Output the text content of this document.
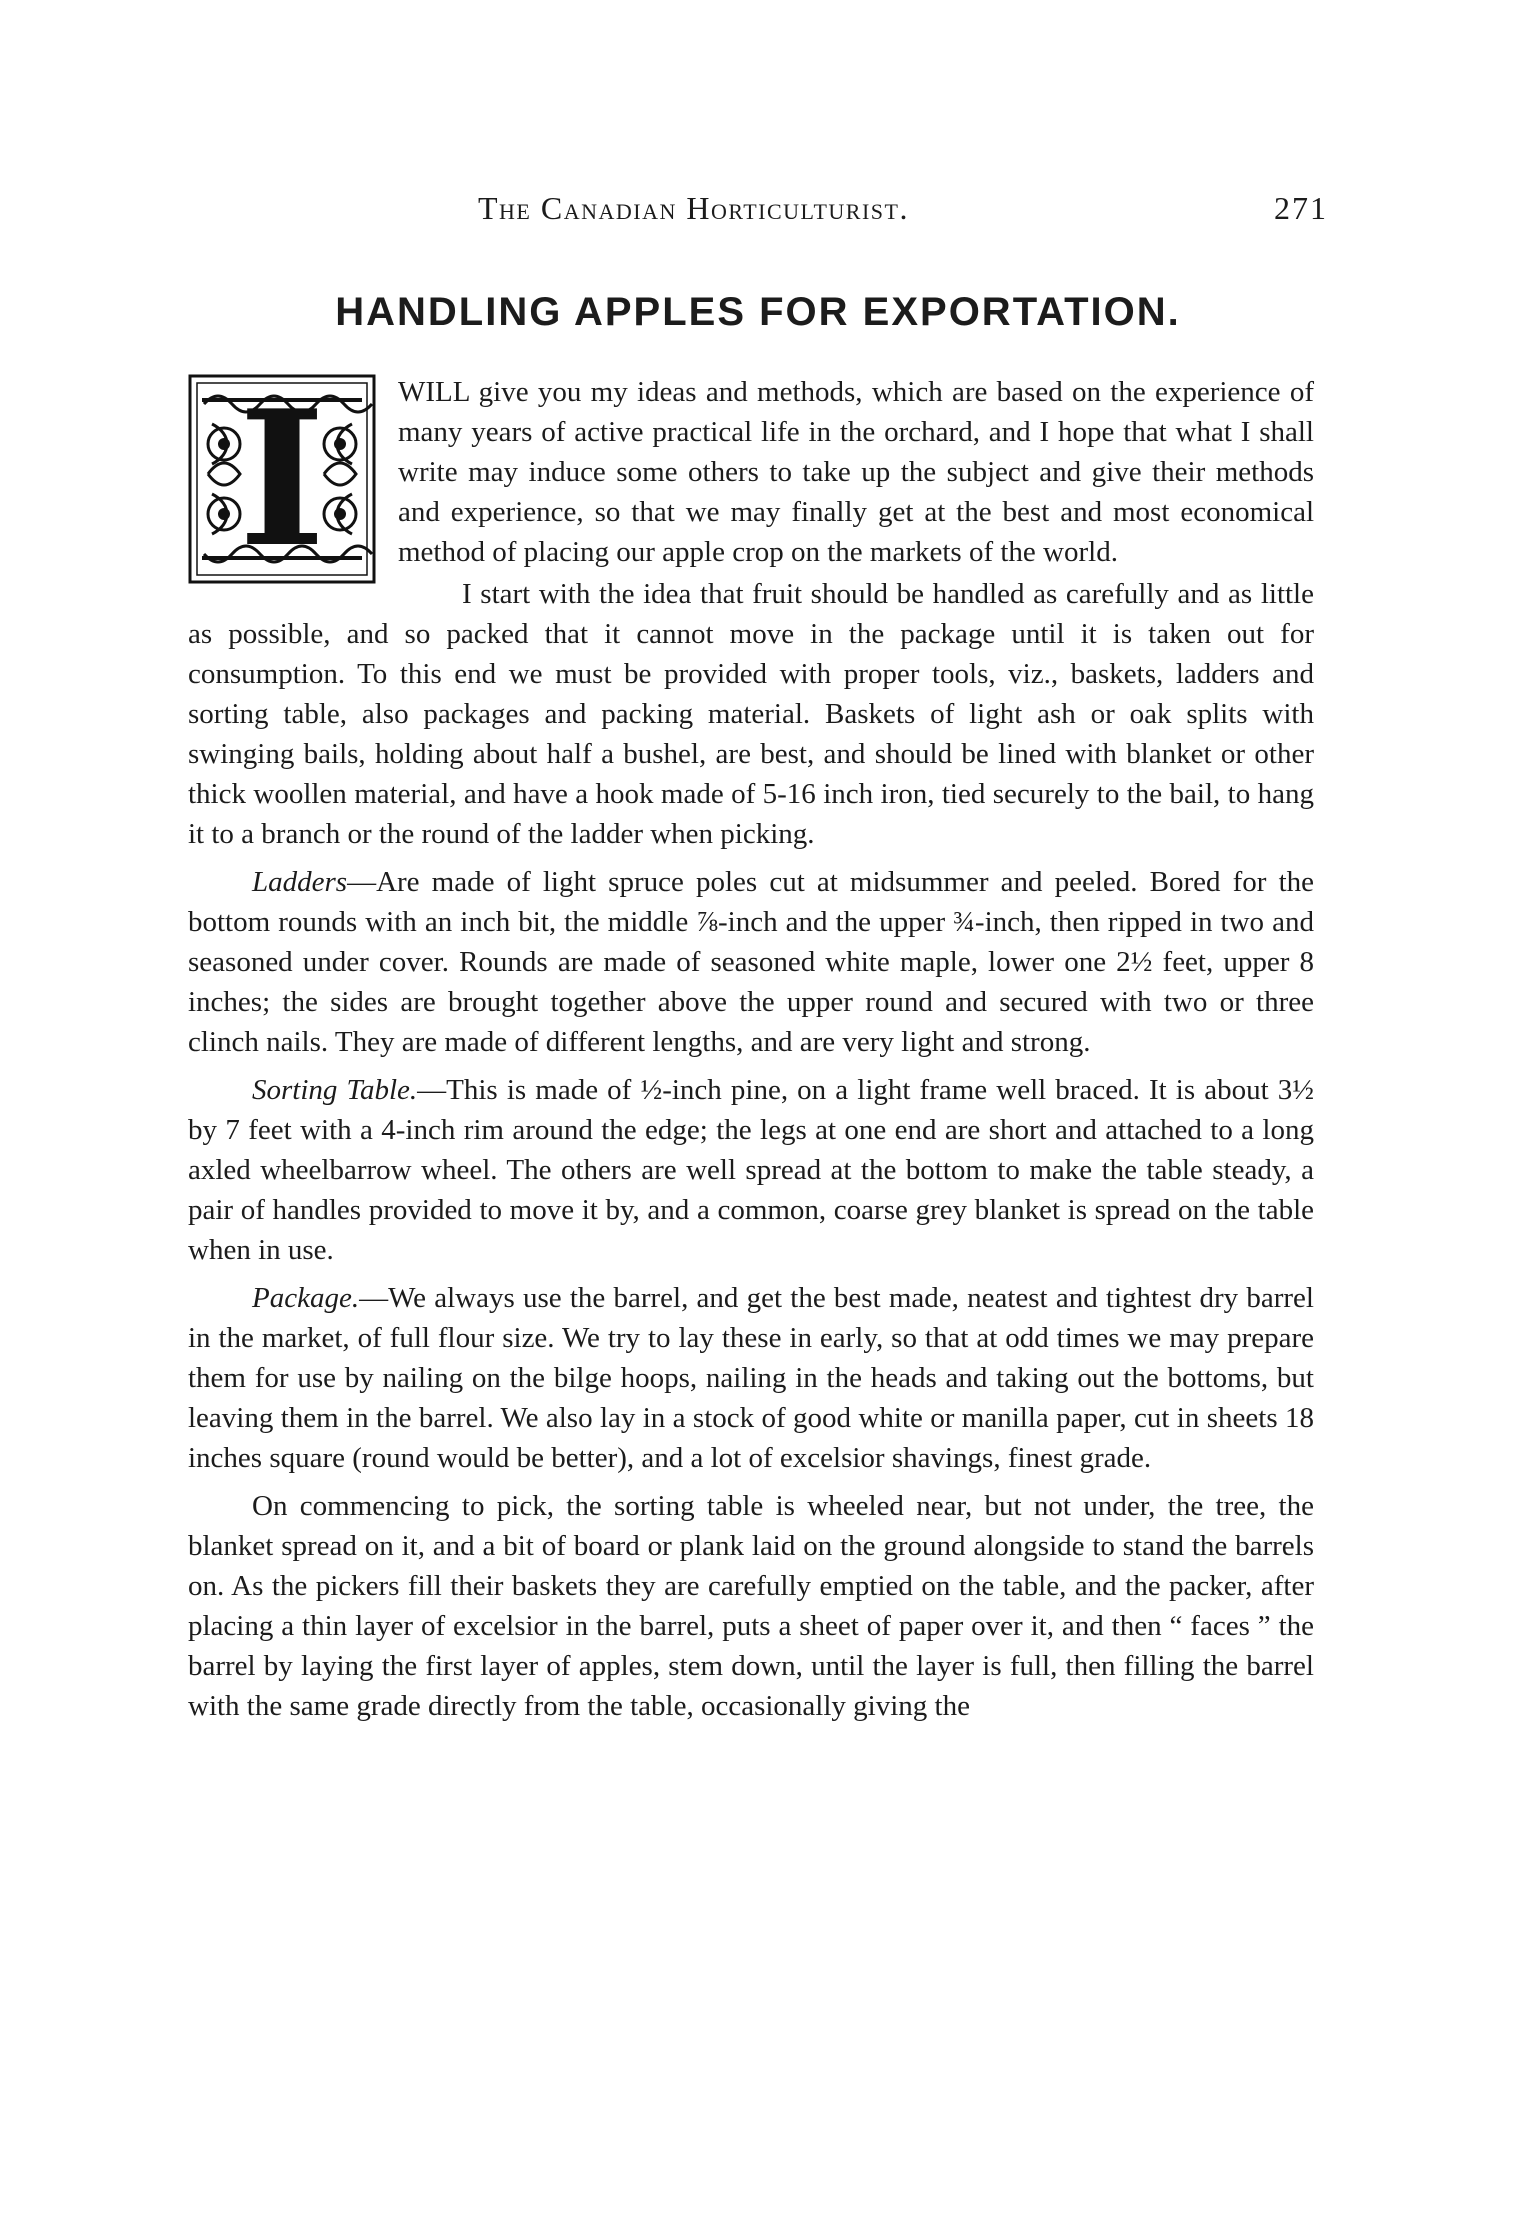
The Canadian Horticulturist.	271
HANDLING APPLES FOR EXPORTATION.
I	WILL give you my ideas and methods, which are based on the experience of many years of active practical life in the orchard, and I hope that what I shall write may induce some others to take up the subject and give their methods and experience, so that we may finally get at the best and most economical method of placing our apple crop on the markets of the world.

I start with the idea that fruit should be handled as carefully and as little as possible, and so packed that it cannot move in the package until it is taken out for consumption. To this end we must be provided with proper tools, viz., baskets, ladders and sorting table, also packages and packing material. Baskets of light ash or oak splits with swinging bails, holding about half a bushel, are best, and should be lined with blanket or other thick woollen material, and have a hook made of 5-16 inch iron, tied securely to the bail, to hang it to a branch or the round of the ladder when picking.

Ladders—Are made of light spruce poles cut at midsummer and peeled. Bored for the bottom rounds with an inch bit, the middle ⅞-inch and the upper ¾-inch, then ripped in two and seasoned under cover. Rounds are made of seasoned white maple, lower one 2½ feet, upper 8 inches; the sides are brought together above the upper round and secured with two or three clinch nails. They are made of different lengths, and are very light and strong.

Sorting Table.—This is made of ½-inch pine, on a light frame well braced. It is about 3½ by 7 feet with a 4-inch rim around the edge; the legs at one end are short and attached to a long axled wheelbarrow wheel. The others are well spread at the bottom to make the table steady, a pair of handles provided to move it by, and a common, coarse grey blanket is spread on the table when in use.

Package.—We always use the barrel, and get the best made, neatest and tightest dry barrel in the market, of full flour size. We try to lay these in early, so that at odd times we may prepare them for use by nailing on the bilge hoops, nailing in the heads and taking out the bottoms, but leaving them in the barrel. We also lay in a stock of good white or manilla paper, cut in sheets 18 inches square (round would be better), and a lot of excelsior shavings, finest grade.

On commencing to pick, the sorting table is wheeled near, but not under, the tree, the blanket spread on it, and a bit of board or plank laid on the ground alongside to stand the barrels on. As the pickers fill their baskets they are carefully emptied on the table, and the packer, after placing a thin layer of excelsior in the barrel, puts a sheet of paper over it, and then “ faces ” the barrel by laying the first layer of apples, stem down, until the layer is full, then filling the barrel with the same grade directly from the table, occasionally giving the
